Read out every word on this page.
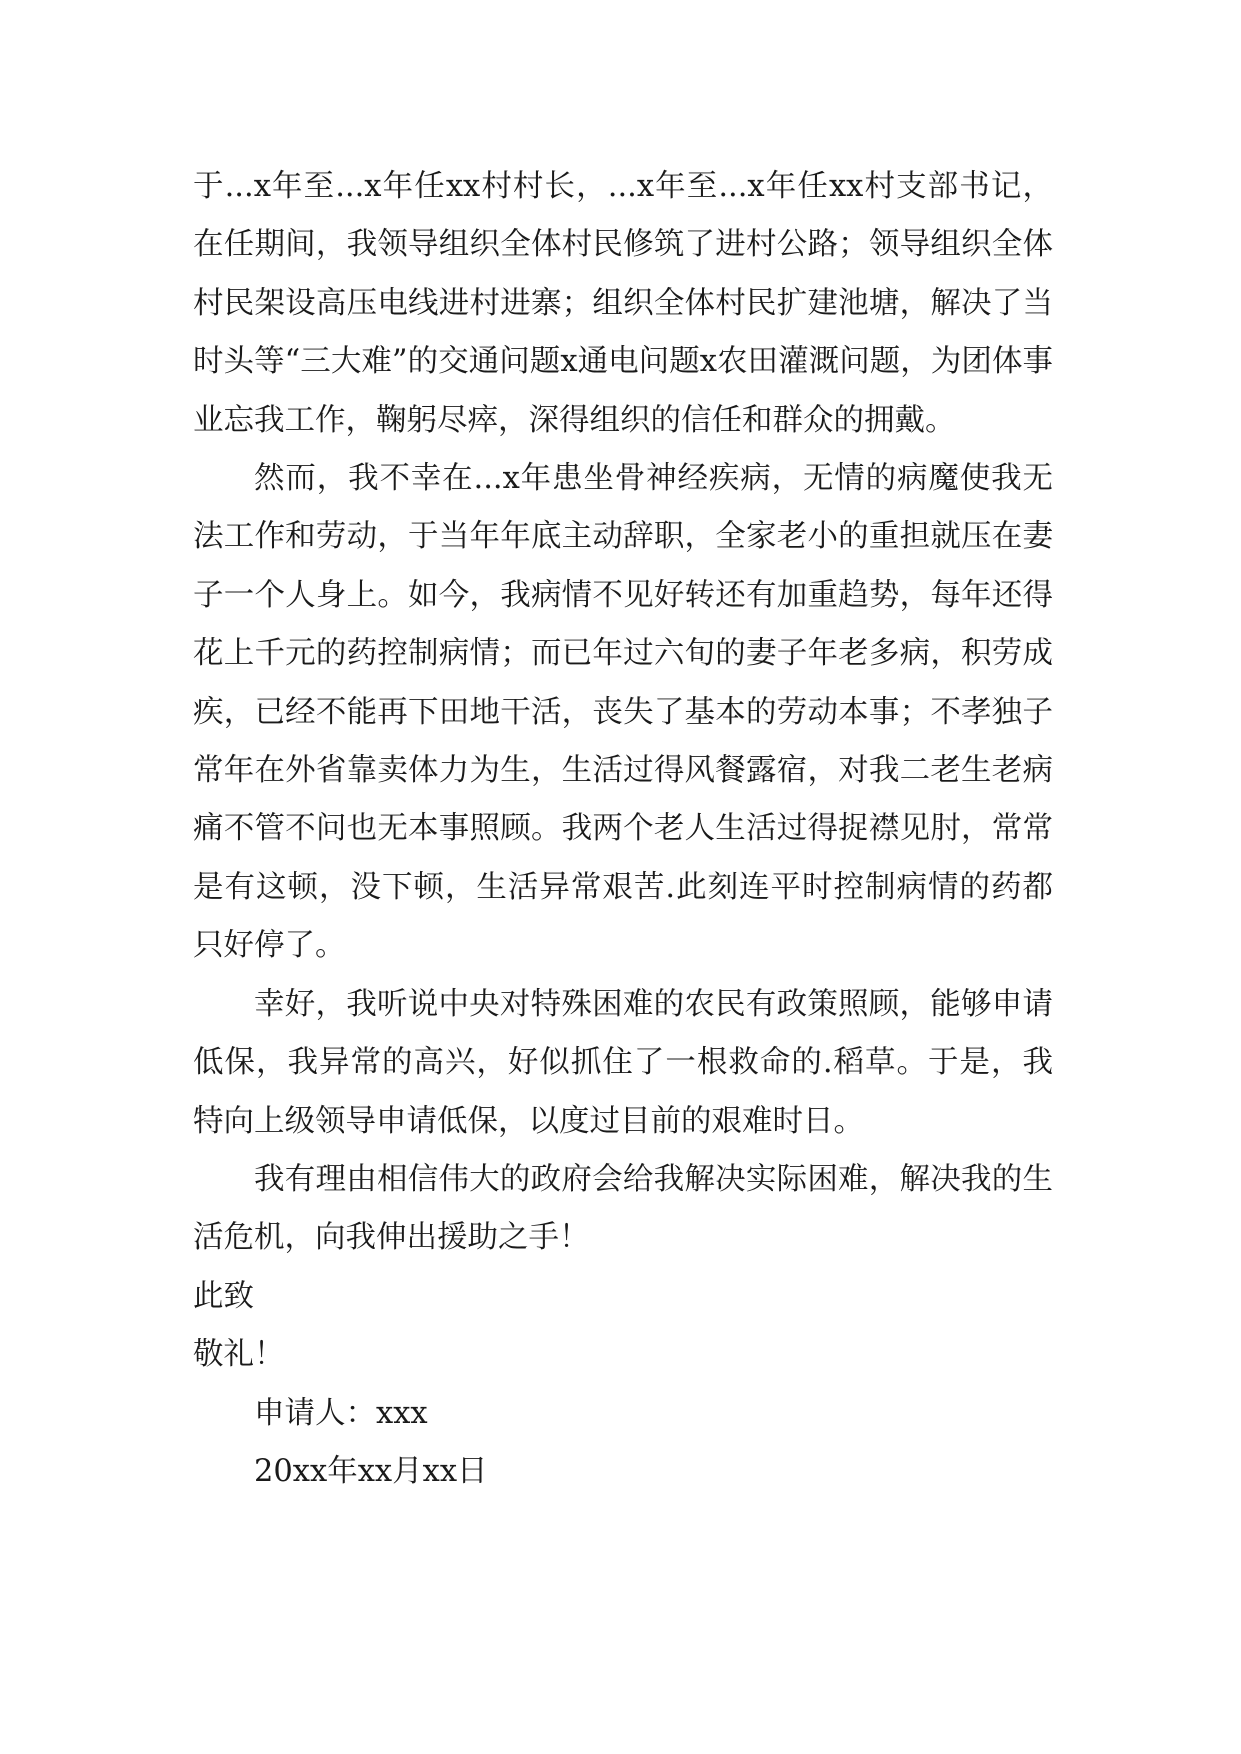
于...x年至...x年任xx村村长，...x年至...x年任xx村支部书记，在任期间，我领导组织全体村民修筑了进村公路；领导组织全体村民架设高压电线进村进寨；组织全体村民扩建池塘，解决了当时头等“三大难”的交通问题x通电问题x农田灌溉问题，为团体事业忘我工作，鞠躬尽瘁，深得组织的信任和群众的拥戴。

然而，我不幸在...x年患坐骨神经疾病，无情的病魔使我无法工作和劳动，于当年年底主动辞职，全家老小的重担就压在妻子一个人身上。如今，我病情不见好转还有加重趋势，每年还得花上千元的药控制病情；而已年过六旬的妻子年老多病，积劳成疾，已经不能再下田地干活，丧失了基本的劳动本事；不孝独子常年在外省靠卖体力为生，生活过得风餐露宿，对我二老生老病痛不管不问也无本事照顾。我两个老人生活过得捉襟见肘，常常是有这顿，没下顿，生活异常艰苦.此刻连平时控制病情的药都只好停了。

幸好，我听说中央对特殊困难的农民有政策照顾，能够申请低保，我异常的高兴，好似抓住了一根救命的.稻草。于是，我特向上级领导申请低保，以度过目前的艰难时日。

我有理由相信伟大的政府会给我解决实际困难，解决我的生活危机，向我伸出援助之手！

此致
敬礼！
申请人：xxx
20xx年xx月xx日
